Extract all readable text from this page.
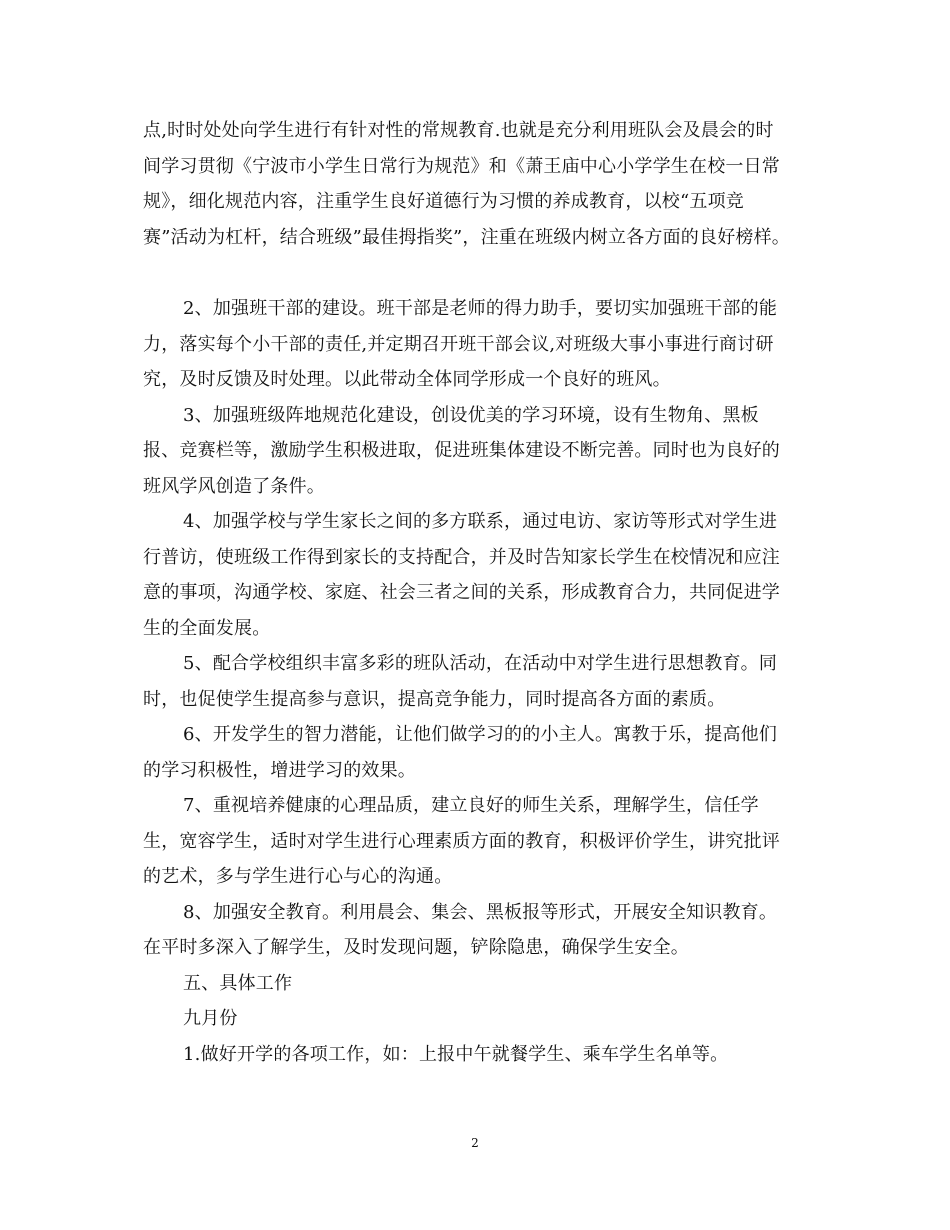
点,时时处处向学生进行有针对性的常规教育.也就是充分利用班队会及晨会的时
间学习贯彻《宁波市小学生日常行为规范》和《萧王庙中心小学学生在校一日常
规》，细化规范内容，注重学生良好道德行为习惯的养成教育，以校“五项竞
赛”活动为杠杆，结合班级”最佳拇指奖”，注重在班级内树立各方面的良好榜样。
2、加强班干部的建设。班干部是老师的得力助手，要切实加强班干部的能
力，落实每个小干部的责任,并定期召开班干部会议,对班级大事小事进行商讨研
究，及时反馈及时处理。以此带动全体同学形成一个良好的班风。
3、加强班级阵地规范化建设，创设优美的学习环境，设有生物角、黑板
报、竞赛栏等，激励学生积极进取，促进班集体建设不断完善。同时也为良好的
班风学风创造了条件。
4、加强学校与学生家长之间的多方联系，通过电访、家访等形式对学生进
行普访，使班级工作得到家长的支持配合，并及时告知家长学生在校情况和应注
意的事项，沟通学校、家庭、社会三者之间的关系，形成教育合力，共同促进学
生的全面发展。
5、配合学校组织丰富多彩的班队活动，在活动中对学生进行思想教育。同
时，也促使学生提高参与意识，提高竞争能力，同时提高各方面的素质。
6、开发学生的智力潜能，让他们做学习的的小主人。寓教于乐，提高他们
的学习积极性，增进学习的效果。
7、重视培养健康的心理品质，建立良好的师生关系，理解学生，信任学
生，宽容学生，适时对学生进行心理素质方面的教育，积极评价学生，讲究批评
的艺术，多与学生进行心与心的沟通。
8、加强安全教育。利用晨会、集会、黑板报等形式，开展安全知识教育。
在平时多深入了解学生，及时发现问题，铲除隐患，确保学生安全。
五、具体工作
九月份
1.做好开学的各项工作，如：上报中午就餐学生、乘车学生名单等。
2
